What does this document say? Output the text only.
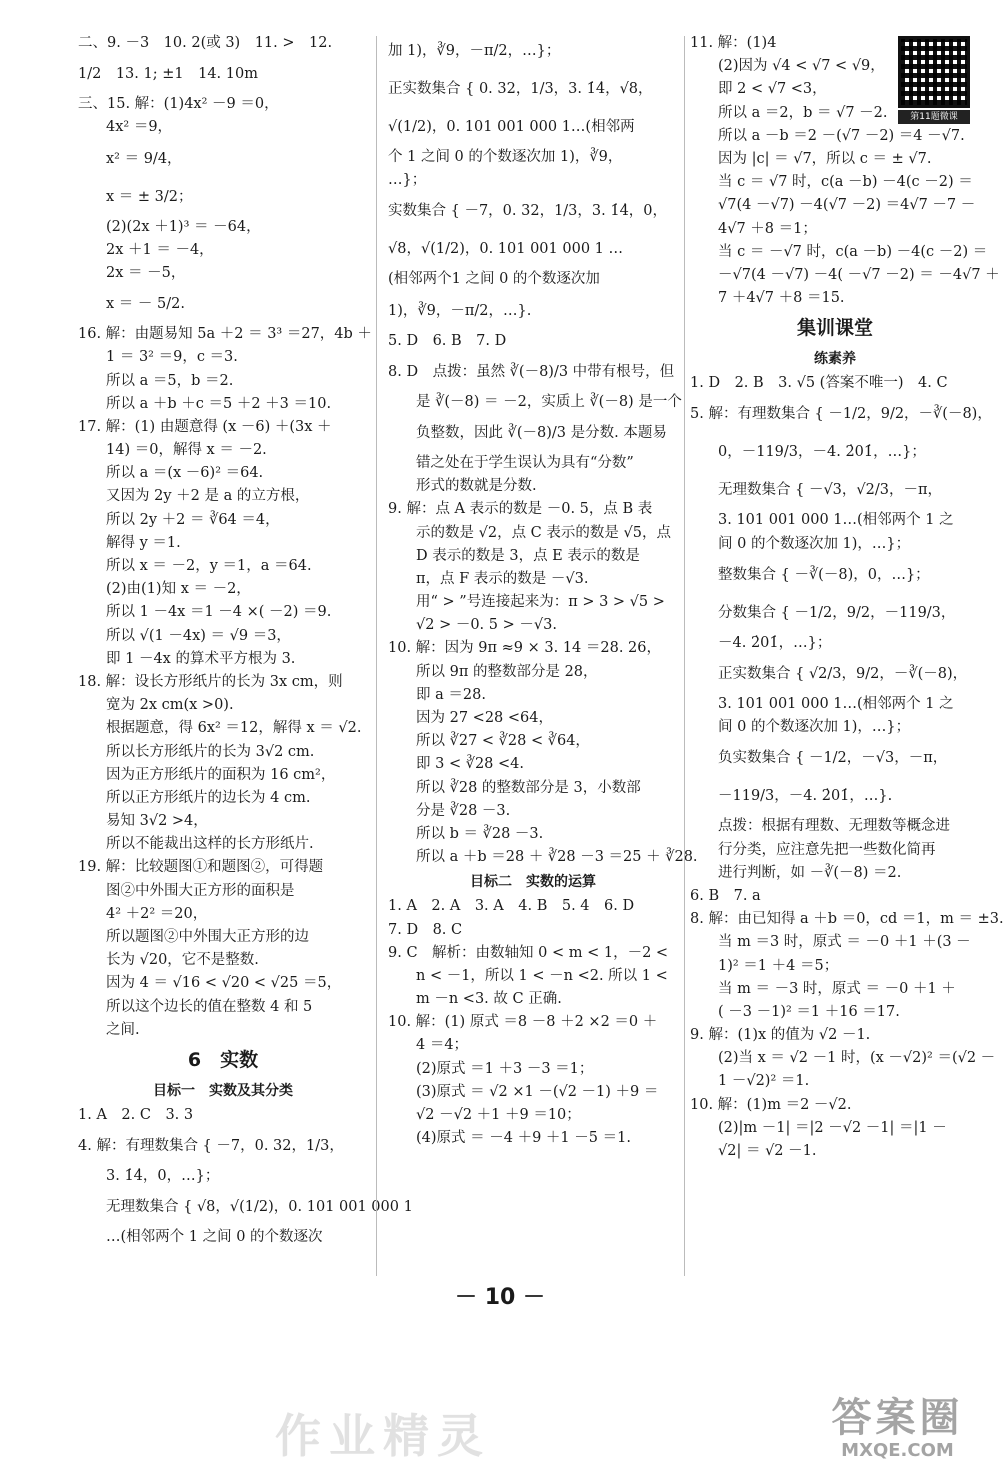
二、9. －3　10. 2(或 3)　11. >　12.
1/2　13. 1; ±1　14. 10m
三、15. 解：(1)4x² －9 ＝0，
4x² ＝9，
x² ＝ 9/4，
x ＝ ± 3/2；
(2)(2x ＋1)³ ＝ －64，
2x ＋1 ＝ －4，
2x ＝ －5，
x ＝ － 5/2.
16. 解：由题易知 5a ＋2 ＝ 3³ ＝27，4b ＋
1 ＝ 3² ＝9，c ＝3.
所以 a ＝5，b ＝2.
所以 a ＋b ＋c ＝5 ＋2 ＋3 ＝10.
17. 解：(1) 由题意得 (x －6) ＋(3x ＋
14) ＝0，解得 x ＝ －2.
所以 a ＝(x －6)² ＝64.
又因为 2y ＋2 是 a 的立方根，
所以 2y ＋2 ＝ ∛64 ＝4，
解得 y ＝1.
所以 x ＝ －2，y ＝1，a ＝64.
(2)由(1)知 x ＝ －2，
所以 1 －4x ＝1 －4 ×( －2) ＝9.
所以 √(1 －4x) ＝ √9 ＝3，
即 1 －4x 的算术平方根为 3.
18. 解：设长方形纸片的长为 3x cm，则
宽为 2x cm(x >0).
根据题意，得 6x² ＝12，解得 x ＝ √2.
所以长方形纸片的长为 3√2 cm.
因为正方形纸片的面积为 16 cm²，
所以正方形纸片的边长为 4 cm.
易知 3√2 >4，
所以不能裁出这样的长方形纸片.
19. 解：比较题图①和题图②，可得题
图②中外围大正方形的面积是
4² ＋2² ＝20，
所以题图②中外围大正方形的边
长为 √20，它不是整数.
因为 4 ＝ √16 < √20 < √25 ＝5，
所以这个边长的值在整数 4 和 5
之间.
6　实数
目标一　实数及其分类
1. A　2. C　3. 3
4. 解：有理数集合 { －7，0. 32，1/3，
3. 1̇4̇，0，…}；
无理数集合 { √8，√(1/2)，0. 101 001 000 1
…(相邻两个 1 之间 0 的个数逐次
加 1)，∛9，－π/2，…}；
正实数集合 { 0. 32，1/3，3. 1̇4̇，√8，
√(1/2)，0. 101 001 000 1…(相邻两
个 1 之间 0 的个数逐次加 1)，∛9，
…}；
实数集合 { －7，0. 32，1/3，3. 1̇4̇，0，
√8，√(1/2)，0. 101 001 000 1 …
(相邻两个1 之间 0 的个数逐次加
1)，∛9，－π/2，…}.
5. D　6. B　7. D
8. D　点拨：虽然 ∛(－8)/3 中带有根号，但
是 ∛(－8) ＝ －2，实质上 ∛(－8) 是一个
负整数，因此 ∛(－8)/3 是分数. 本题易
错之处在于学生误认为具有“分数”
形式的数就是分数.
9. 解：点 A 表示的数是 －0. 5，点 B 表
示的数是 √2，点 C 表示的数是 √5，点
D 表示的数是 3，点 E 表示的数是
π，点 F 表示的数是 －√3.
用“ > ”号连接起来为：π > 3 > √5 >
√2 > －0. 5 > －√3.
10. 解：因为 9π ≈9 × 3. 14 ＝28. 26，
所以 9π 的整数部分是 28，
即 a ＝28.
因为 27 <28 <64，
所以 ∛27 < ∛28 < ∛64，
即 3 < ∛28 <4.
所以 ∛28 的整数部分是 3，小数部
分是 ∛28 －3.
所以 b ＝ ∛28 －3.
所以 a ＋b ＝28 ＋ ∛28 －3 ＝25 ＋ ∛28.
目标二　实数的运算
1. A　2. A　3. A　4. B　5. 4　6. D
7. D　8. C
9. C　解析：由数轴知 0 < m < 1，－2 <
n < －1，所以 1 < －n <2. 所以 1 <
m －n <3. 故 C 正确.
10. 解：(1) 原式 ＝8 －8 ＋2 ×2 ＝0 ＋
4 ＝4；
(2)原式 ＝1 ＋3 －3 ＝1；
(3)原式 ＝ √2 ×1 －(√2 －1) ＋9 ＝
√2 －√2 ＋1 ＋9 ＝10；
(4)原式 ＝ －4 ＋9 ＋1 －5 ＝1.
11. 解：(1)4
(2)因为 √4 < √7 < √9，
即 2 < √7 <3，
所以 a ＝2，b ＝ √7 －2.
所以 a －b ＝2 －(√7 －2) ＝4 －√7.
因为 |c| ＝ √7，所以 c ＝ ± √7.
当 c ＝ √7 时，c(a －b) －4(c －2) ＝
√7(4 －√7) －4(√7 －2) ＝4√7 －7 －
4√7 ＋8 ＝1；
当 c ＝ －√7 时，c(a －b) －4(c －2) ＝
－√7(4 －√7) －4( －√7 －2) ＝ －4√7 ＋
7 ＋4√7 ＋8 ＝15.
集训课堂
练素养
1. D　2. B　3. √5 (答案不唯一)　4. C
5. 解：有理数集合 { －1/2，9/2，－∛(－8)，
0，－119/3，－4. 2̇01̇，…}；
无理数集合 { －√3，√2/3，－π，
3. 101 001 000 1…(相邻两个 1 之
间 0 的个数逐次加 1)，…}；
整数集合 { －∛(－8)，0，…}；
分数集合 { －1/2，9/2，－119/3，
－4. 2̇01̇，…}；
正实数集合 { √2/3，9/2，－∛(－8)，
3. 101 001 000 1…(相邻两个 1 之
间 0 的个数逐次加 1)，…}；
负实数集合 { －1/2，－√3，－π，
－119/3，－4. 2̇01̇，…}.
点拨：根据有理数、无理数等概念进
行分类，应注意先把一些数化简再
进行判断，如 －∛(－8) ＝2.
6. B　7. a
8. 解：由已知得 a ＋b ＝0，cd ＝1，m ＝ ±3.
当 m ＝3 时，原式 ＝ －0 ＋1 ＋(3 －
1)² ＝1 ＋4 ＝5；
当 m ＝ －3 时，原式 ＝ －0 ＋1 ＋
( －3 －1)² ＝1 ＋16 ＝17.
9. 解：(1)x 的值为 √2 －1.
(2)当 x ＝ √2 －1 时，(x －√2)² ＝(√2 －
1 －√2)² ＝1.
10. 解：(1)m ＝2 －√2.
(2)|m －1| ＝|2 －√2 －1| ＝|1 －
√2| ＝ √2 －1.
第11题微课
－ 10 －
作业精灵	答案圈
MXQE.COM
